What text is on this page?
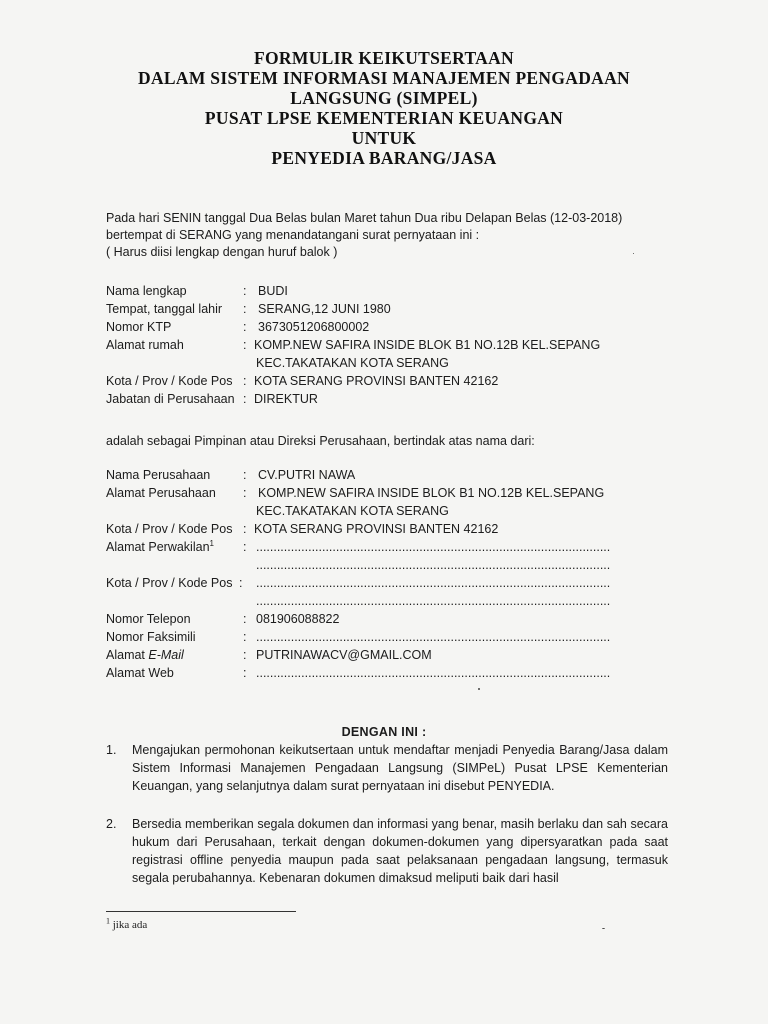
FORMULIR KEIKUTSERTAAN
DALAM SISTEM INFORMASI MANAJEMEN PENGADAAN
LANGSUNG (SIMPEL)
PUSAT LPSE KEMENTERIAN KEUANGAN
UNTUK
PENYEDIA BARANG/JASA
Pada hari SENIN tanggal Dua Belas bulan Maret tahun Dua ribu Delapan Belas (12-03-2018)
bertempat di SERANG yang menandatangani surat pernyataan ini :
( Harus diisi lengkap dengan huruf balok )
Nama lengkap	: BUDI
Tempat, tanggal lahir : SERANG,12 JUNI 1980
Nomor KTP	: 3673051206800002
Alamat rumah	: KOMP.NEW SAFIRA INSIDE BLOK B1 NO.12B KEL.SEPANG
KEC.TAKATAKAN KOTA SERANG
Kota / Prov / Kode Pos : KOTA SERANG PROVINSI BANTEN 42162
Jabatan di Perusahaan : DIREKTUR
adalah sebagai Pimpinan atau Direksi Perusahaan, bertindak atas nama dari:
Nama Perusahaan	: CV.PUTRI NAWA
Alamat Perusahaan : KOMP.NEW SAFIRA INSIDE BLOK B1 NO.12B KEL.SEPANG
KEC.TAKATAKAN KOTA SERANG
Kota / Prov / Kode Pos : KOTA SERANG PROVINSI BANTEN 42162
Alamat Perwakilan$^1$ : ......................................................................................................
......................................................................................................
Kota / Prov / Kode Pos : ......................................................................................................
......................................................................................................
Nomor Telepon	: 081906088822
Nomor Faksimili	: ......................................................................................................
Alamat E-Mail	: PUTRINAWACV@GMAIL.COM
Alamat Web	: ......................................................................................................
DENGAN INI :
1. Mengajukan permohonan keikutsertaan untuk mendaftar menjadi Penyedia Barang/Jasa dalam Sistem Informasi Manajemen Pengadaan Langsung (SIMPeL) Pusat LPSE Kementerian Keuangan, yang selanjutnya dalam surat pernyataan ini disebut PENYEDIA.
2. Bersedia memberikan segala dokumen dan informasi yang benar, masih berlaku dan sah secara hukum dari Perusahaan, terkait dengan dokumen-dokumen yang dipersyaratkan pada saat registrasi offline penyedia maupun pada saat pelaksanaan pengadaan langsung, termasuk segala perubahannya. Kebenaran dokumen dimaksud meliputi baik dari hasil
$^1$ jika ada
